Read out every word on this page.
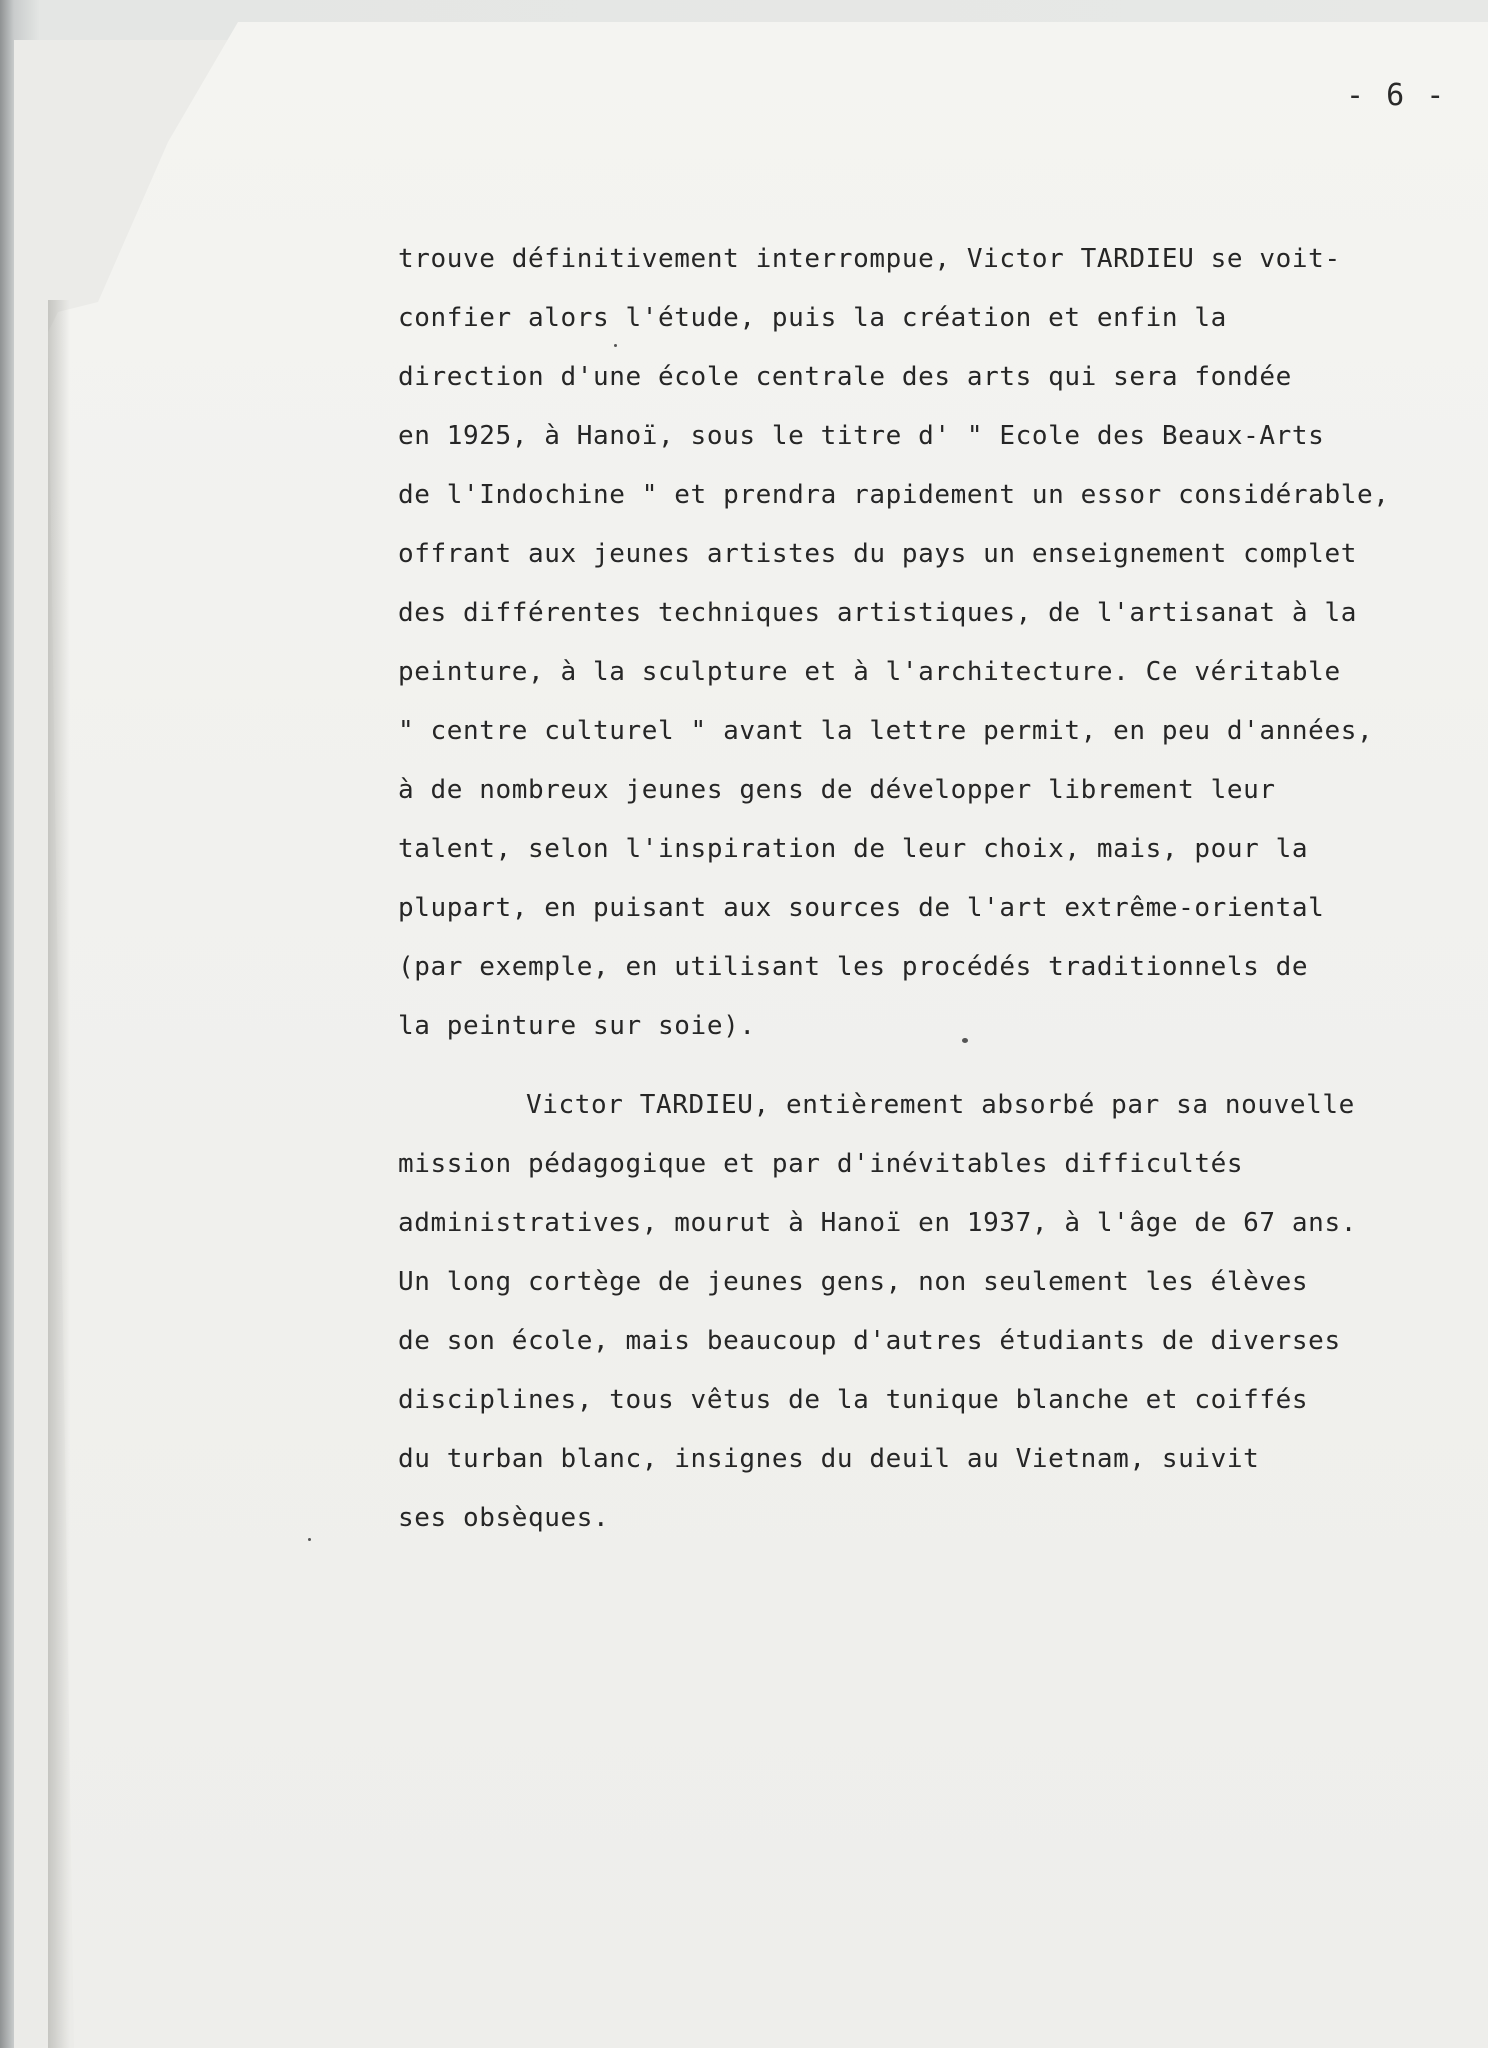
- 6 -
trouve définitivement interrompue, Victor TARDIEU se voit-
confier alors l'étude, puis la création et enfin la
direction d'une école centrale des arts qui sera fondée
en 1925, à Hanoï, sous le titre d' " Ecole des Beaux-Arts
de l'Indochine " et prendra rapidement un essor considérable,
offrant aux jeunes artistes du pays un enseignement complet
des différentes techniques artistiques, de l'artisanat à la
peinture, à la sculpture et à l'architecture. Ce véritable
" centre culturel " avant la lettre permit, en peu d'années,
à de nombreux jeunes gens de développer librement leur
talent, selon l'inspiration de leur choix, mais, pour la
plupart, en puisant aux sources de l'art extrême-oriental
(par exemple, en utilisant les procédés traditionnels de
la peinture sur soie).
Victor TARDIEU, entièrement absorbé par sa nouvelle
mission pédagogique et par d'inévitables difficultés
administratives, mourut à Hanoï en 1937, à l'âge de 67 ans.
Un long cortège de jeunes gens, non seulement les élèves
de son école, mais beaucoup d'autres étudiants de diverses
disciplines, tous vêtus de la tunique blanche et coiffés
du turban blanc, insignes du deuil au Vietnam, suivit
ses obsèques.
